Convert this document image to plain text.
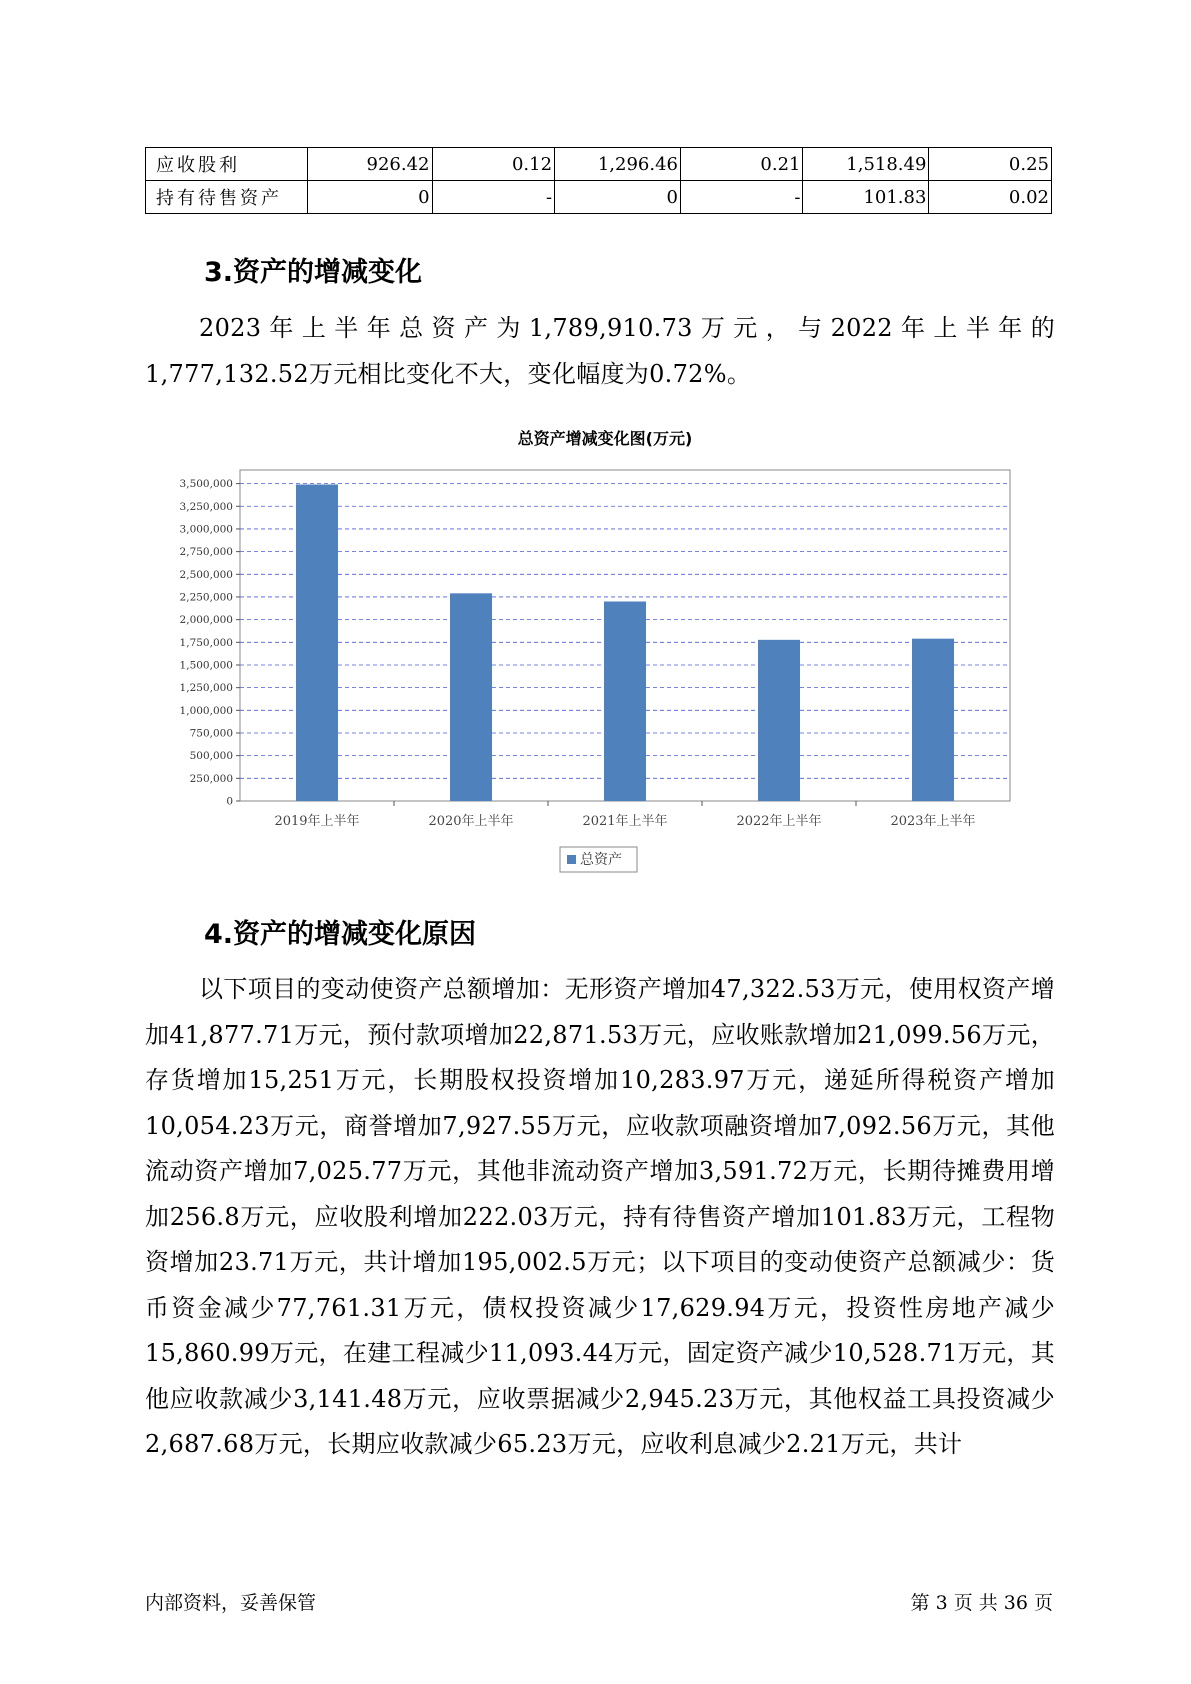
应收股利	926.42	0.12	1,296.46	0.21	1,518.49	0.25
持有待售资产	0	-	0	-	101.83	0.02
3.资产的增减变化

2023年上半年总资产为1,789,910.73万元，与2022年上半年的1,777,132.52万元相比变化不大，变化幅度为0.72%。

总资产增减变化图(万元)
0
250,000
500,000
750,000
1,000,000
1,250,000
1,500,000
1,750,000
2,000,000
2,250,000
2,500,000
2,750,000
3,000,000
3,250,000
3,500,000
2019年上半年	2020年上半年	2021年上半年	2022年上半年	2023年上半年
总资产
4.资产的增减变化原因

以下项目的变动使资产总额增加：无形资产增加47,322.53万元，使用权资产增加41,877.71万元，预付款项增加22,871.53万元，应收账款增加21,099.56万元，存货增加15,251万元，长期股权投资增加10,283.97万元，递延所得税资产增加10,054.23万元，商誉增加7,927.55万元，应收款项融资增加7,092.56万元，其他流动资产增加7,025.77万元，其他非流动资产增加3,591.72万元，长期待摊费用增加256.8万元，应收股利增加222.03万元，持有待售资产增加101.83万元，工程物资增加23.71万元，共计增加195,002.5万元；以下项目的变动使资产总额减少：货币资金减少77,761.31万元，债权投资减少17,629.94万元，投资性房地产减少15,860.99万元，在建工程减少11,093.44万元，固定资产减少10,528.71万元，其他应收款减少3,141.48万元，应收票据减少2,945.23万元，其他权益工具投资减少2,687.68万元，长期应收款减少65.23万元，应收利息减少2.21万元，共计

内部资料，妥善保管	第 3 页 共 36 页
